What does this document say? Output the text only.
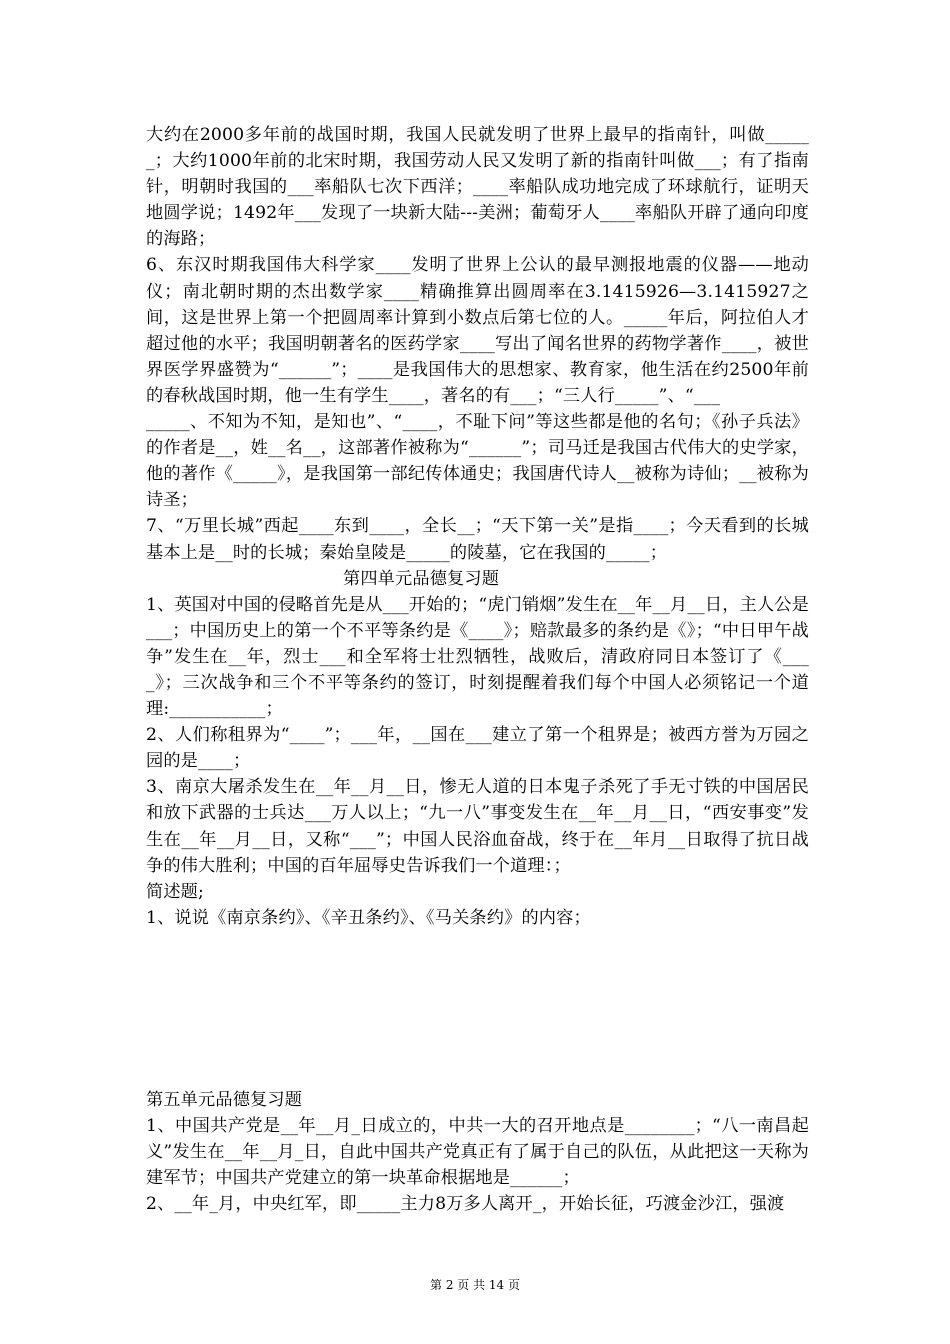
大约在2000多年前的战国时期，我国人民就发明了世界上最早的指南针，叫做______；大约1000年前的北宋时期，我国劳动人民又发明了新的指南针叫做___；有了指南针，明朝时我国的___率船队七次下西洋；____率船队成功地完成了环球航行，证明天地圆学说；1492年___发现了一块新大陆---美洲；葡萄牙人____率船队开辟了通向印度的海路；

6、东汉时期我国伟大科学家____发明了世界上公认的最早测报地震的仪器——地动仪；南北朝时期的杰出数学家____精确推算出圆周率在3.1415926—3.1415927之间，这是世界上第一个把圆周率计算到小数点后第七位的人。_____年后，阿拉伯人才超过他的水平；我国明朝著名的医药学家____写出了闻名世界的药物学著作____，被世界医学界盛赞为“______”；____是我国伟大的思想家、教育家，他生活在约2500年前的春秋战国时期，他一生有学生____，著名的有___；“三人行_____”、“___

_____、不知为不知，是知也”、“____，不耻下问”等这些都是他的名句；《孙子兵法》的作者是__，姓__名__，这部著作被称为“______”；司马迁是我国古代伟大的史学家，他的著作《_____》，是我国第一部纪传体通史；我国唐代诗人__被称为诗仙；__被称为诗圣；

7、“万里长城”西起____东到____，全长__；“天下第一关”是指____；今天看到的长城基本上是__时的长城；秦始皇陵是_____的陵墓，它在我国的_____；

第四单元品德复习题

1、英国对中国的侵略首先是从___开始的；“虎门销烟”发生在__年__月__日，主人公是___；中国历史上的第一个不平等条约是《____》；赔款最多的条约是《》；“中日甲午战争”发生在__年，烈士___和全军将士壮烈牺牲，战败后，清政府同日本签订了《____》；三次战争和三个不平等条约的签订，时刻提醒着我们每个中国人必须铭记一个道理:___________；

2、人们称租界为“____”；___年，__国在___建立了第一个租界是；被西方誉为万园之园的是____；

3、南京大屠杀发生在__年__月__日，惨无人道的日本鬼子杀死了手无寸铁的中国居民和放下武器的士兵达___万人以上；“九一八”事变发生在__年__月__日，“西安事变”发生在__年__月__日，又称“___”；中国人民浴血奋战，终于在__年月__日取得了抗日战争的伟大胜利；中国的百年屈辱史告诉我们一个道理：；

简述题;

1、说说《南京条约》、《辛丑条约》、《马关条约》的内容；

第五单元品德复习题

1、中国共产党是__年__月_日成立的，中共一大的召开地点是________；“八一南昌起义”发生在__年__月_日，自此中国共产党真正有了属于自己的队伍，从此把这一天称为建军节；中国共产党建立的第一块革命根据地是______；

2、__年_月，中央红军，即_____主力8万多人离开_，开始长征，巧渡金沙江，强渡

第 2 页 共 14 页
